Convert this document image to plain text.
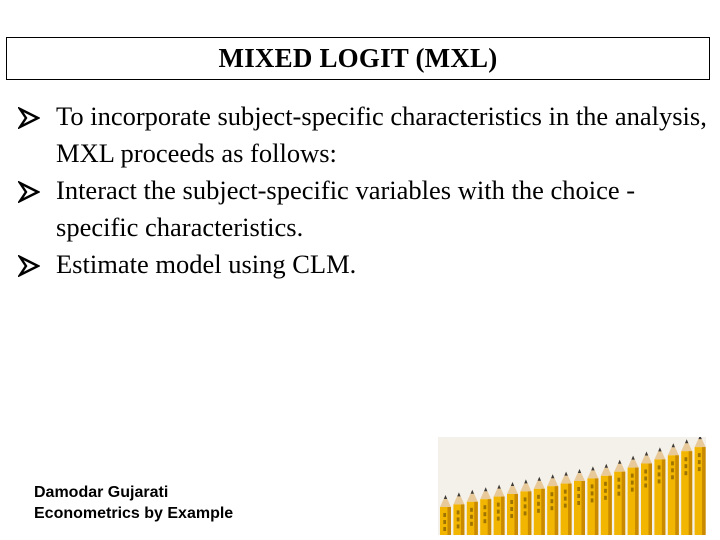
MIXED LOGIT (MXL)
To incorporate subject-specific characteristics in the analysis, MXL proceeds as follows:
Interact the subject-specific variables with the choice -specific characteristics.
Estimate model using CLM.
Damodar Gujarati
Econometrics by Example
